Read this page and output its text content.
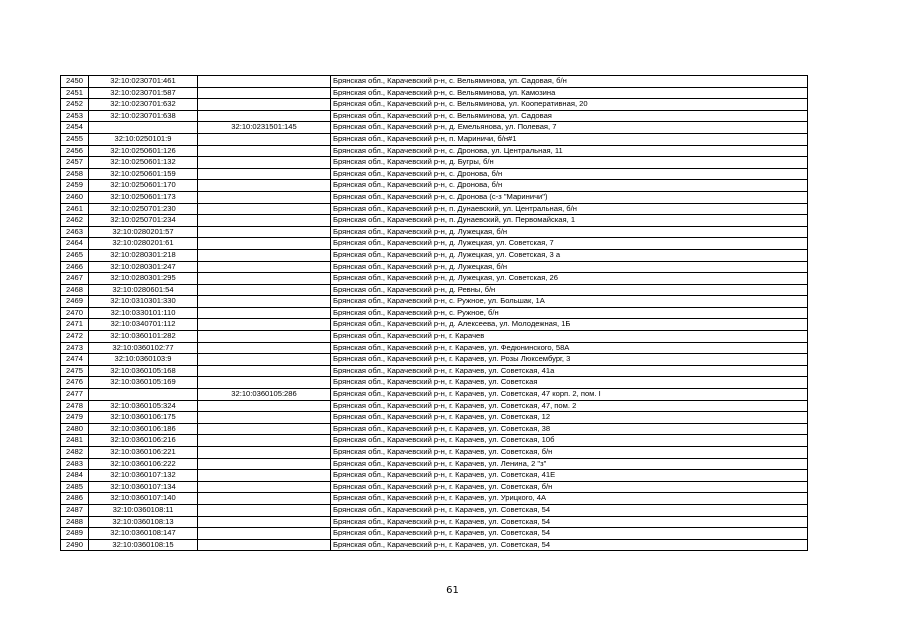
2450	32:10:0230701:461		Брянская обл., Карачевский р-н, с. Вельяминова, ул. Садовая, б/н
2451	32:10:0230701:587		Брянская обл., Карачевский р-н, с. Вельяминова, ул. Камозина
2452	32:10:0230701:632		Брянская обл., Карачевский р-н, с. Вельяминова, ул. Кооперативная, 20
2453	32:10:0230701:638		Брянская обл., Карачевский р-н, с. Вельяминова, ул. Садовая
2454		32:10:0231501:145	Брянская обл., Карачевский р-н, д. Емельянова, ул. Полевая, 7
2455	32:10:0250101:9		Брянская обл., Карачевский р-н, п. Мариничи, б/н#1
2456	32:10:0250601:126		Брянская обл., Карачевский р-н, с. Дронова, ул. Центральная, 11
2457	32:10:0250601:132		Брянская обл., Карачевский р-н, д. Бугры, б/н
2458	32:10:0250601:159		Брянская обл., Карачевский р-н, с. Дронова, б/н
2459	32:10:0250601:170		Брянская обл., Карачевский р-н, с. Дронова, б/н
2460	32:10:0250601:173		Брянская обл., Карачевский р-н, с. Дронова (с-з "Мариничи")
2461	32:10:0250701:230		Брянская обл., Карачевский р-н, п. Дунаевский, ул. Центральная, б/н
2462	32:10:0250701:234		Брянская обл., Карачевский р-н, п. Дунаевский, ул. Первомайская, 1
2463	32:10:0280201:57		Брянская обл., Карачевский р-н, д. Лужецкая, б/н
2464	32:10:0280201:61		Брянская обл., Карачевский р-н, д. Лужецкая, ул. Советская, 7
2465	32:10:0280301:218		Брянская обл., Карачевский р-н, д. Лужецкая, ул. Советская, 3 а
2466	32:10:0280301:247		Брянская обл., Карачевский р-н, д. Лужецкая, б/н
2467	32:10:0280301:295		Брянская обл., Карачевский р-н, д. Лужецкая, ул. Советская, 26
2468	32:10:0280601:54		Брянская обл., Карачевский р-н, д. Ревны, б/н
2469	32:10:0310301:330		Брянская обл., Карачевский р-н, с. Ружное, ул. Большак, 1А
2470	32:10:0330101:110		Брянская обл., Карачевский р-н, с. Ружное, б/н
2471	32:10:0340701:112		Брянская обл., Карачевский р-н, д. Алексеева, ул. Молодежная, 1Б
2472	32:10:0360101:282		Брянская обл., Карачевский р-н, г. Карачев
2473	32:10:0360102:77		Брянская обл., Карачевский р-н, г. Карачев, ул. Федюнинского, 58А
2474	32:10:0360103:9		Брянская обл., Карачевский р-н, г. Карачев, ул. Розы Люксембург, 3
2475	32:10:0360105:168		Брянская обл., Карачевский р-н, г. Карачев, ул. Советская, 41а
2476	32:10:0360105:169		Брянская обл., Карачевский р-н, г. Карачев, ул. Советская
2477		32:10:0360105:286	Брянская обл., Карачевский р-н, г. Карачев, ул. Советская, 47 корп. 2, пом. I
2478	32:10:0360105:324		Брянская обл., Карачевский р-н, г. Карачев, ул. Советская, 47, пом. 2
2479	32:10:0360106:175		Брянская обл., Карачевский р-н, г. Карачев, ул. Советская, 12
2480	32:10:0360106:186		Брянская обл., Карачевский р-н, г. Карачев, ул. Советская, 38
2481	32:10:0360106:216		Брянская обл., Карачевский р-н, г. Карачев, ул. Советская, 10б
2482	32:10:0360106:221		Брянская обл., Карачевский р-н, г. Карачев, ул. Советская, б/н
2483	32:10:0360106:222		Брянская обл., Карачевский р-н, г. Карачев, ул. Ленина, 2 "з"
2484	32:10:0360107:132		Брянская обл., Карачевский р-н, г. Карачев, ул. Советская, 41Е
2485	32:10:0360107:134		Брянская обл., Карачевский р-н, г. Карачев, ул. Советская, б/н
2486	32:10:0360107:140		Брянская обл., Карачевский р-н, г. Карачев, ул. Урицкого, 4А
2487	32:10:0360108:11		Брянская обл., Карачевский р-н, г. Карачев, ул. Советская, 54
2488	32:10:0360108:13		Брянская обл., Карачевский р-н, г. Карачев, ул. Советская, 54
2489	32:10:0360108:147		Брянская обл., Карачевский р-н, г. Карачев, ул. Советская, 54
2490	32:10:0360108:15		Брянская обл., Карачевский р-н, г. Карачев, ул. Советская, 54
61
